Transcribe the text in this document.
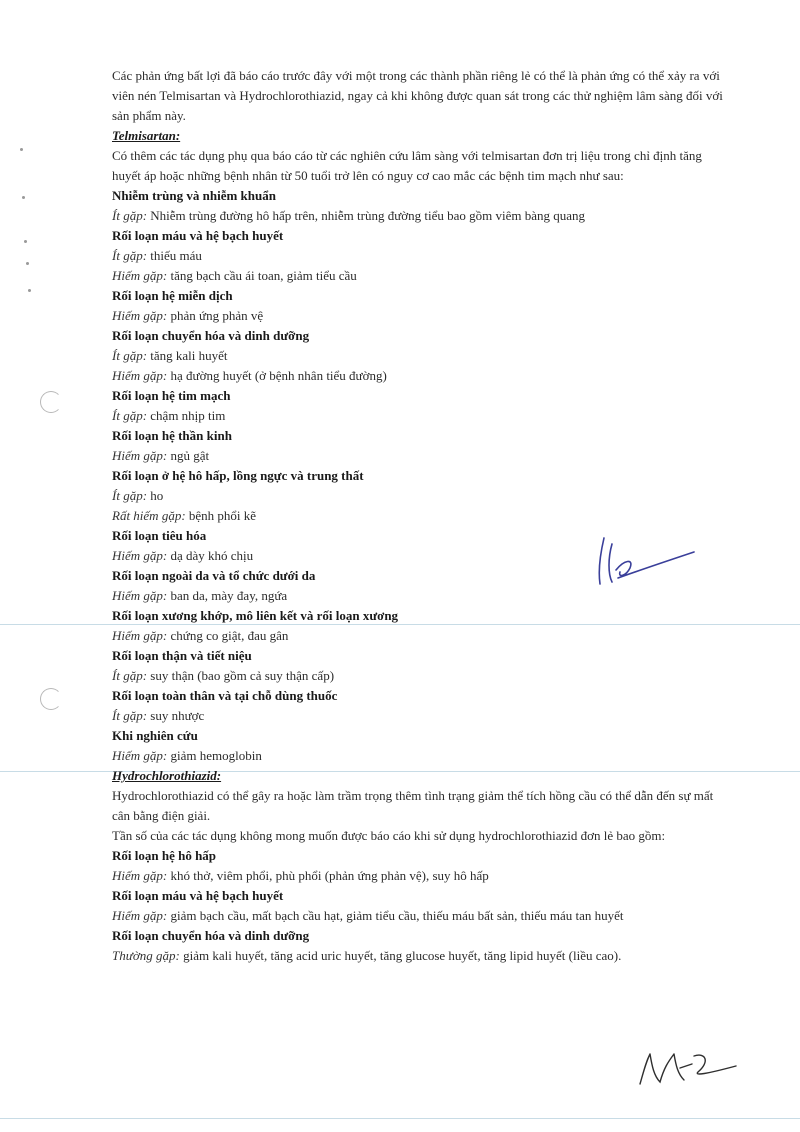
Các phản ứng bất lợi đã báo cáo trước đây với một trong các thành phần riêng lẻ có thể là phản ứng có thể xảy ra với viên nén Telmisartan và Hydrochlorothiazid, ngay cả khi không được quan sát trong các thử nghiệm lâm sàng đối với sản phẩm này.

Telmisartan:

Có thêm các tác dụng phụ qua báo cáo từ các nghiên cứu lâm sàng với telmisartan đơn trị liệu trong chỉ định tăng huyết áp hoặc những bệnh nhân từ 50 tuổi trở lên có nguy cơ cao mắc các bệnh tim mạch như sau:

Nhiễm trùng và nhiễm khuẩn

Ít gặp: Nhiễm trùng đường hô hấp trên, nhiễm trùng đường tiểu bao gồm viêm bàng quang

Rối loạn máu và hệ bạch huyết

Ít gặp: thiếu máu

Hiếm gặp: tăng bạch cầu ái toan, giảm tiểu cầu

Rối loạn hệ miễn dịch

Hiếm gặp: phản ứng phản vệ

Rối loạn chuyển hóa và dinh dưỡng

Ít gặp: tăng kali huyết

Hiếm gặp: hạ đường huyết (ở bệnh nhân tiểu đường)

Rối loạn hệ tim mạch

Ít gặp: chậm nhịp tim

Rối loạn hệ thần kinh

Hiếm gặp: ngủ gật

Rối loạn ở hệ hô hấp, lồng ngực và trung thất

Ít gặp: ho

Rất hiếm gặp: bệnh phổi kẽ

Rối loạn tiêu hóa

Hiếm gặp: dạ dày khó chịu

Rối loạn ngoài da và tổ chức dưới da

Hiếm gặp: ban da, mày đay, ngứa

Rối loạn xương khớp, mô liên kết và rối loạn xương

Hiếm gặp: chứng co giật, đau gân

Rối loạn thận và tiết niệu

Ít gặp: suy thận (bao gồm cả suy thận cấp)

Rối loạn toàn thân và tại chỗ dùng thuốc

Ít gặp: suy nhược

Khi nghiên cứu

Hiếm gặp: giảm hemoglobin

Hydrochlorothiazid:

Hydrochlorothiazid có thể gây ra hoặc làm trầm trọng thêm tình trạng giảm thể tích hồng cầu có thể dẫn đến sự mất cân bằng điện giải.

Tần số của các tác dụng không mong muốn được báo cáo khi sử dụng hydrochlorothiazid đơn lẻ bao gồm:

Rối loạn hệ hô hấp

Hiếm gặp: khó thở, viêm phổi, phù phổi (phản ứng phản vệ), suy hô hấp

Rối loạn máu và hệ bạch huyết

Hiếm gặp: giảm bạch cầu, mất bạch cầu hạt, giảm tiểu cầu, thiếu máu bất sản, thiếu máu tan huyết

Rối loạn chuyển hóa và dinh dưỡng

Thường gặp: giảm kali huyết, tăng acid uric huyết, tăng glucose huyết, tăng lipid huyết (liều cao).
